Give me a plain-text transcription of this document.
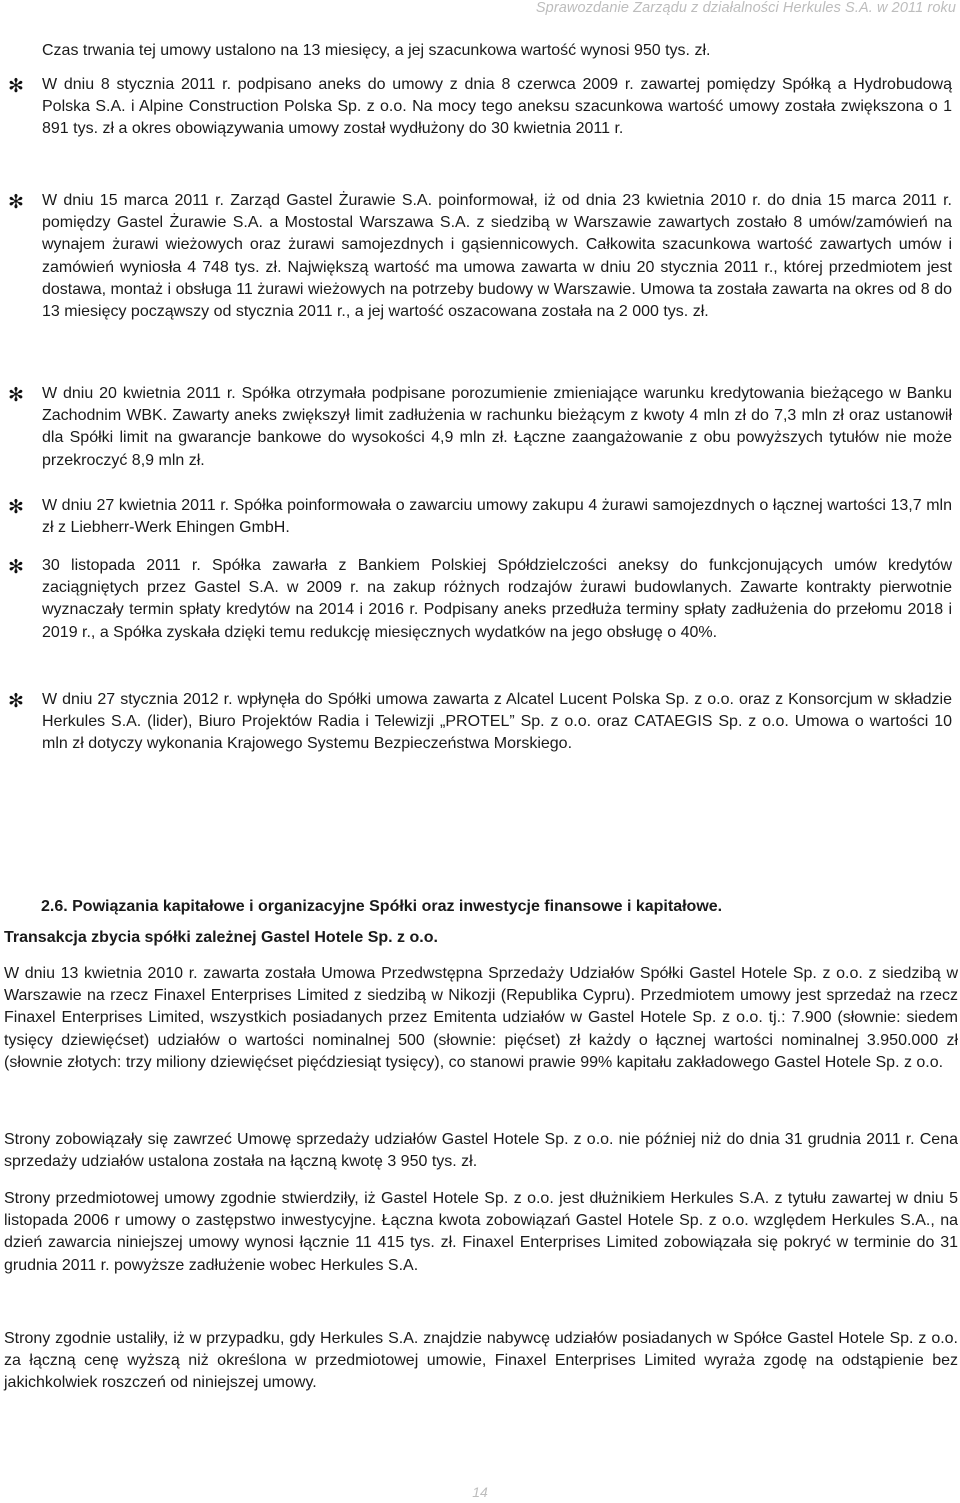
Sprawozdanie Zarządu z działalności Herkules S.A. w 2011 roku
Czas trwania tej umowy ustalono na 13 miesięcy, a jej szacunkowa wartość wynosi 950 tys. zł.
✻ W dniu 8 stycznia 2011 r. podpisano aneks do umowy z dnia 8 czerwca 2009 r. zawartej pomiędzy Spółką a Hydrobudową Polska S.A. i Alpine Construction Polska Sp. z o.o. Na mocy tego aneksu szacunkowa wartość umowy została zwiększona o 1 891 tys. zł a okres obowiązywania umowy został wydłużony do 30 kwietnia 2011 r.
✻ W dniu 15 marca 2011 r. Zarząd Gastel Żurawie S.A. poinformował, iż od dnia 23 kwietnia 2010 r. do dnia 15 marca 2011 r. pomiędzy Gastel Żurawie S.A. a Mostostal Warszawa S.A. z siedzibą w Warszawie zawartych zostało 8 umów/zamówień na wynajem żurawi wieżowych oraz żurawi samojezdnych i gąsiennicowych. Całkowita szacunkowa wartość zawartych umów i zamówień wyniosła 4 748 tys. zł. Największą wartość ma umowa zawarta w dniu 20 stycznia 2011 r., której przedmiotem jest dostawa, montaż i obsługa 11 żurawi wieżowych na potrzeby budowy w Warszawie. Umowa ta została zawarta na okres od 8 do 13 miesięcy począwszy od stycznia 2011 r., a jej wartość oszacowana została na 2 000 tys. zł.
✻ W dniu 20 kwietnia 2011 r. Spółka otrzymała podpisane porozumienie zmieniające warunku kredytowania bieżącego w Banku Zachodnim WBK. Zawarty aneks zwiększył limit zadłużenia w rachunku bieżącym z kwoty 4 mln zł do 7,3 mln zł oraz ustanowił dla Spółki limit na gwarancje bankowe do wysokości 4,9 mln zł. Łączne zaangażowanie z obu powyższych tytułów nie może przekroczyć 8,9 mln zł.
✻ W dniu 27 kwietnia 2011 r. Spółka poinformowała o zawarciu umowy zakupu 4 żurawi samojezdnych o łącznej wartości 13,7 mln zł z Liebherr-Werk Ehingen GmbH.
✻ 30 listopada 2011 r. Spółka zawarła z Bankiem Polskiej Spółdzielczości aneksy do funkcjonujących umów kredytów zaciągniętych przez Gastel S.A. w 2009 r. na zakup różnych rodzajów żurawi budowlanych. Zawarte kontrakty pierwotnie wyznaczały termin spłaty kredytów na 2014 i 2016 r. Podpisany aneks przedłuża terminy spłaty zadłużenia do przełomu 2018 i 2019 r., a Spółka zyskała dzięki temu redukcję miesięcznych wydatków na jego obsługę o 40%.
✻ W dniu 27 stycznia 2012 r. wpłynęła do Spółki umowa zawarta z Alcatel Lucent Polska Sp. z o.o. oraz z Konsorcjum w składzie Herkules S.A. (lider), Biuro Projektów Radia i Telewizji „PROTEL” Sp. z o.o. oraz CATAEGIS Sp. z o.o. Umowa o wartości 10 mln zł dotyczy wykonania Krajowego Systemu Bezpieczeństwa Morskiego.
2.6. Powiązania kapitałowe i organizacyjne Spółki oraz inwestycje finansowe i kapitałowe.
Transakcja zbycia spółki zależnej Gastel Hotele Sp. z o.o.
W dniu 13 kwietnia 2010 r. zawarta została Umowa Przedwstępna Sprzedaży Udziałów Spółki Gastel Hotele Sp. z o.o. z siedzibą w Warszawie na rzecz Finaxel Enterprises Limited z siedzibą w Nikozji (Republika Cypru). Przedmiotem umowy jest sprzedaż na rzecz Finaxel Enterprises Limited, wszystkich posiadanych przez Emitenta udziałów w Gastel Hotele Sp. z o.o. tj.: 7.900 (słownie: siedem tysięcy dziewięćset) udziałów o wartości nominalnej 500 (słownie: pięćset) zł każdy o łącznej wartości nominalnej 3.950.000 zł (słownie złotych: trzy miliony dziewięćset pięćdziesiąt tysięcy), co stanowi prawie 99% kapitału zakładowego Gastel Hotele Sp. z o.o.
Strony zobowiązały się zawrzeć Umowę sprzedaży udziałów Gastel Hotele Sp. z o.o. nie później niż do dnia 31 grudnia 2011 r. Cena sprzedaży udziałów ustalona została na łączną kwotę 3 950 tys. zł.
Strony przedmiotowej umowy zgodnie stwierdziły, iż Gastel Hotele Sp. z o.o. jest dłużnikiem Herkules S.A. z tytułu zawartej w dniu 5 listopada 2006 r umowy o zastępstwo inwestycyjne. Łączna kwota zobowiązań Gastel Hotele Sp. z o.o. względem Herkules S.A., na dzień zawarcia niniejszej umowy wynosi łącznie 11 415 tys. zł. Finaxel Enterprises Limited zobowiązała się pokryć w terminie do 31 grudnia 2011 r. powyższe zadłużenie wobec Herkules S.A.
Strony zgodnie ustaliły, iż w przypadku, gdy Herkules S.A. znajdzie nabywcę udziałów posiadanych w Spółce Gastel Hotele Sp. z o.o. za łączną cenę wyższą niż określona w przedmiotowej umowie, Finaxel Enterprises Limited wyraża zgodę na odstąpienie bez jakichkolwiek roszczeń od niniejszej umowy.
14
